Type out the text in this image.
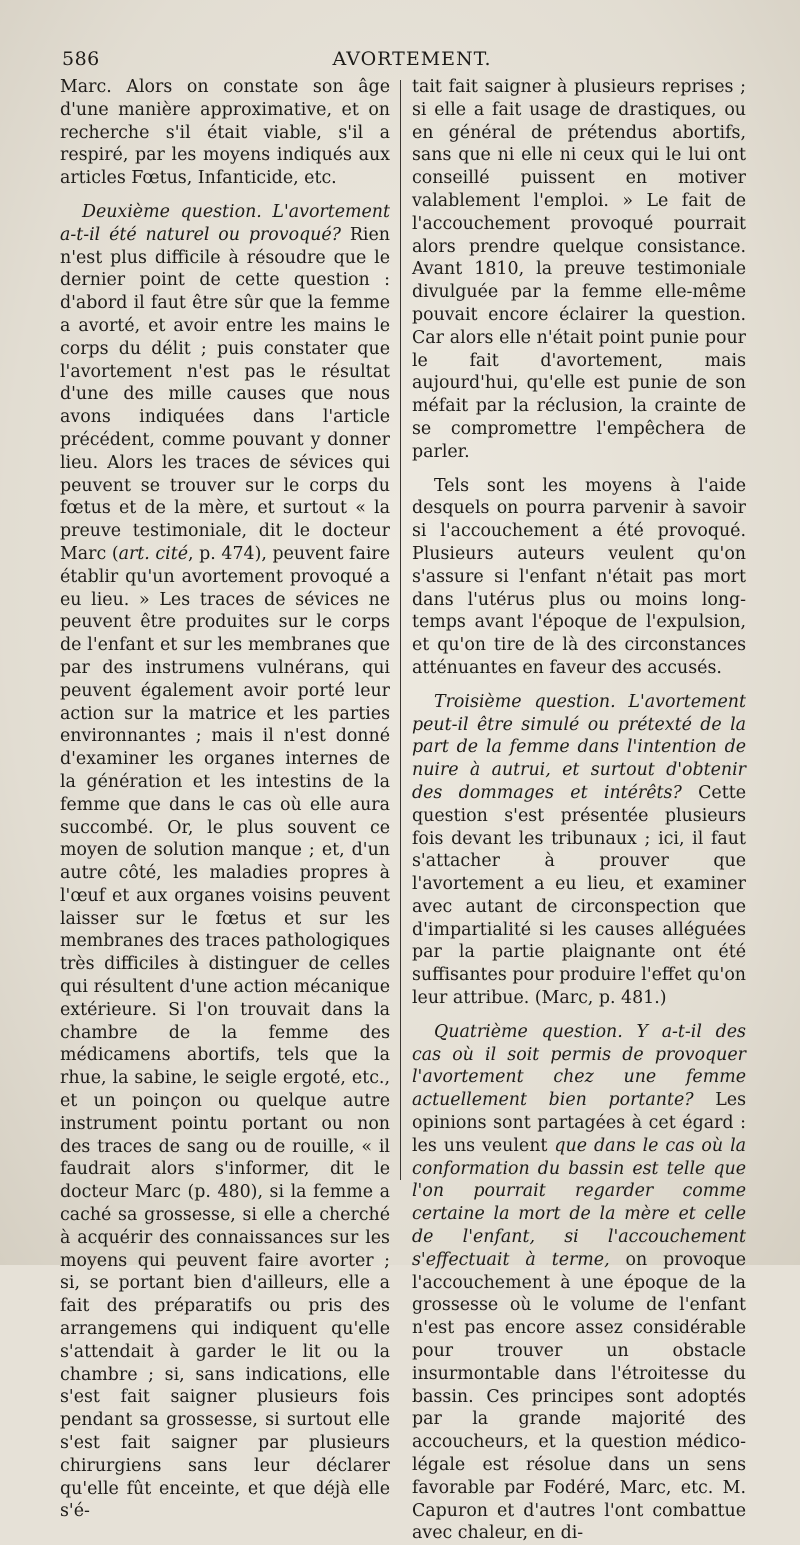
586	AVORTEMENT.

Marc. Alors on constate son âge d'une manière approximative, et on recherche s'il était viable, s'il a respiré, par les moyens indiqués aux articles Fœtus, Infanticide, etc.

Deuxième question. L'avortement a-t-il été naturel ou provoqué? Rien n'est plus difficile à résoudre que le dernier point de cette question : d'abord il faut être sûr que la femme a avorté, et avoir entre les mains le corps du délit ; puis constater que l'avortement n'est pas le résultat d'une des mille causes que nous avons indiquées dans l'article précédent, comme pouvant y donner lieu. Alors les traces de sévices qui peuvent se trouver sur le corps du fœtus et de la mère, et surtout « la preuve testimoniale, dit le docteur Marc (art. cité, p. 474), peuvent faire établir qu'un avortement provoqué a eu lieu. » Les traces de sévices ne peuvent être produites sur le corps de l'enfant et sur les membranes que par des instrumens vulnérans, qui peuvent également avoir porté leur action sur la matrice et les parties environnantes ; mais il n'est donné d'examiner les organes internes de la génération et les intestins de la femme que dans le cas où elle aura succombé. Or, le plus souvent ce moyen de solution manque ; et, d'un autre côté, les maladies propres à l'œuf et aux organes voisins peuvent laisser sur le fœtus et sur les membranes des traces pathologiques très difficiles à distinguer de celles qui résultent d'une action mécanique extérieure. Si l'on trouvait dans la chambre de la femme des médicamens abortifs, tels que la rhue, la sabine, le seigle ergoté, etc., et un poinçon ou quelque autre instrument pointu portant ou non des traces de sang ou de rouille, « il faudrait alors s'informer, dit le docteur Marc (p. 480), si la femme a caché sa grossesse, si elle a cherché à acquérir des connaissances sur les moyens qui peuvent faire avorter ; si, se portant bien d'ailleurs, elle a fait des préparatifs ou pris des arrangemens qui indiquent qu'elle s'attendait à garder le lit ou la chambre ; si, sans indications, elle s'est fait saigner plusieurs fois pendant sa grossesse, si surtout elle s'est fait saigner par plusieurs chirurgiens sans leur déclarer qu'elle fût enceinte, et que déjà elle s'é-

tait fait saigner à plusieurs reprises ; si elle a fait usage de drastiques, ou en général de prétendus abortifs, sans que ni elle ni ceux qui le lui ont conseillé puissent en motiver valablement l'emploi. » Le fait de l'accouchement provoqué pourrait alors prendre quelque consistance. Avant 1810, la preuve testimoniale divulguée par la femme elle-même pouvait encore éclairer la question. Car alors elle n'était point punie pour le fait d'avortement, mais aujourd'hui, qu'elle est punie de son méfait par la réclusion, la crainte de se compromettre l'empêchera de parler.

Tels sont les moyens à l'aide desquels on pourra parvenir à savoir si l'accouchement a été provoqué. Plusieurs auteurs veulent qu'on s'assure si l'enfant n'était pas mort dans l'utérus plus ou moins long-temps avant l'époque de l'expulsion, et qu'on tire de là des circonstances atténuantes en faveur des accusés.

Troisième question. L'avortement peut-il être simulé ou prétexté de la part de la femme dans l'intention de nuire à autrui, et surtout d'obtenir des dommages et intérêts? Cette question s'est présentée plusieurs fois devant les tribunaux ; ici, il faut s'attacher à prouver que l'avortement a eu lieu, et examiner avec autant de circonspection que d'impartialité si les causes alléguées par la partie plaignante ont été suffisantes pour produire l'effet qu'on leur attribue. (Marc, p. 481.)

Quatrième question. Y a-t-il des cas où il soit permis de provoquer l'avortement chez une femme actuellement bien portante? Les opinions sont partagées à cet égard : les uns veulent que dans le cas où la conformation du bassin est telle que l'on pourrait regarder comme certaine la mort de la mère et celle de l'enfant, si l'accouchement s'effectuait à terme, on provoque l'accouchement à une époque de la grossesse où le volume de l'enfant n'est pas encore assez considérable pour trouver un obstacle insurmontable dans l'étroitesse du bassin. Ces principes sont adoptés par la grande majorité des accoucheurs, et la question médico-légale est résolue dans un sens favorable par Fodéré, Marc, etc. M. Capuron et d'autres l'ont combattue avec chaleur, en di-
